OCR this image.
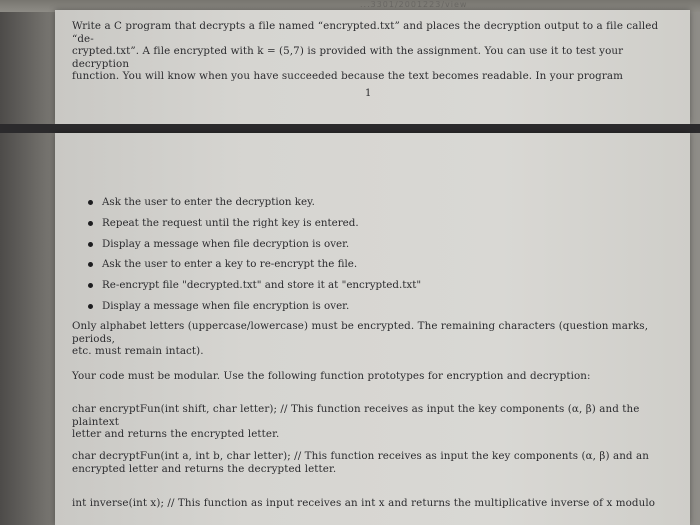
...3301/2001223/view

Write a C program that decrypts a file named “encrypted.txt” and places the decryption output to a file called “de-

crypted.txt”. A file encrypted with k = (5,7) is provided with the assignment. You can use it to test your decryption

function. You will know when you have succeeded because the text becomes readable. In your program

1
Ask the user to enter the decryption key.
Repeat the request until the right key is entered.
Display a message when file decryption is over.
Ask the user to enter a key to re-encrypt the file.
Re-encrypt file "decrypted.txt" and store it at "encrypted.txt"
Display a message when file encryption is over.

Only alphabet letters (uppercase/lowercase) must be encrypted. The remaining characters (question marks, periods,

etc. must remain intact).

Your code must be modular. Use the following function prototypes for encryption and decryption:

char encryptFun(int shift, char letter); // This function receives as input the key components (α, β) and the plaintext

letter and returns the encrypted letter.

char decryptFun(int a, int b, char letter); // This function receives as input the key components (α, β) and an

encrypted letter and returns the decrypted letter.

int inverse(int x); // This function as input receives an int x and returns the multiplicative inverse of x modulo
